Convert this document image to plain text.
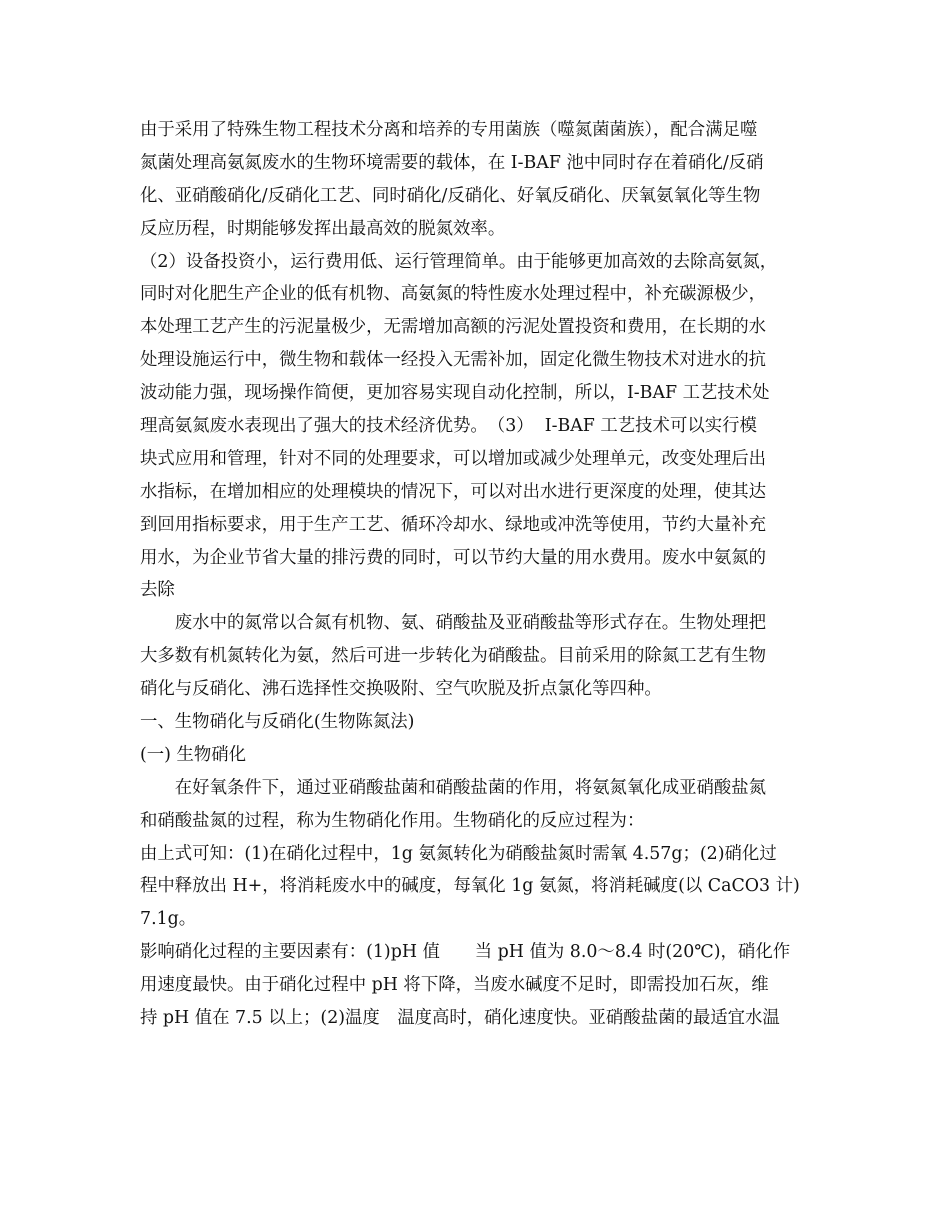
由于采用了特殊生物工程技术分离和培养的专用菌族（噬氮菌菌族），配合满足噬
氮菌处理高氨氮废水的生物环境需要的载体，在 I-BAF 池中同时存在着硝化/反硝
化、亚硝酸硝化/反硝化工艺、同时硝化/反硝化、好氧反硝化、厌氧氨氧化等生物
反应历程，时期能够发挥出最高效的脱氮效率。
（2）设备投资小，运行费用低、运行管理简单。由于能够更加高效的去除高氨氮，
同时对化肥生产企业的低有机物、高氨氮的特性废水处理过程中，补充碳源极少，
本处理工艺产生的污泥量极少，无需增加高额的污泥处置投资和费用，在长期的水
处理设施运行中，微生物和载体一经投入无需补加，固定化微生物技术对进水的抗
波动能力强，现场操作简便，更加容易实现自动化控制，所以，I-BAF 工艺技术处
理高氨氮废水表现出了强大的技术经济优势。　（3）  I-BAF 工艺技术可以实行模
块式应用和管理，针对不同的处理要求，可以增加或减少处理单元，改变处理后出
水指标，在增加相应的处理模块的情况下，可以对出水进行更深度的处理，使其达
到回用指标要求，用于生产工艺、循环冷却水、绿地或冲洗等使用，节约大量补充
用水，为企业节省大量的排污费的同时，可以节约大量的用水费用。废水中氨氮的
去除
　　废水中的氮常以合氮有机物、氨、硝酸盐及亚硝酸盐等形式存在。生物处理把
大多数有机氮转化为氨，然后可进一步转化为硝酸盐。目前采用的除氮工艺有生物
硝化与反硝化、沸石选择性交换吸附、空气吹脱及折点氯化等四种。
一、生物硝化与反硝化(生物陈氮法)
(一) 生物硝化
　　在好氧条件下，通过亚硝酸盐菌和硝酸盐菌的作用，将氨氮氧化成亚硝酸盐氮
和硝酸盐氮的过程，称为生物硝化作用。生物硝化的反应过程为：
由上式可知：(1)在硝化过程中，1g 氨氮转化为硝酸盐氮时需氧 4.57g；(2)硝化过
程中释放出 H+，将消耗废水中的碱度，每氧化 1g 氨氮，将消耗碱度(以 CaCO3 计)
7.1g。
影响硝化过程的主要因素有：(1)pH 值　　当 pH 值为 8.0～8.4 时(20℃)，硝化作
用速度最快。由于硝化过程中 pH 将下降，当废水碱度不足时，即需投加石灰，维
持 pH 值在 7.5 以上；(2)温度　温度高时，硝化速度快。亚硝酸盐菌的最适宜水温
